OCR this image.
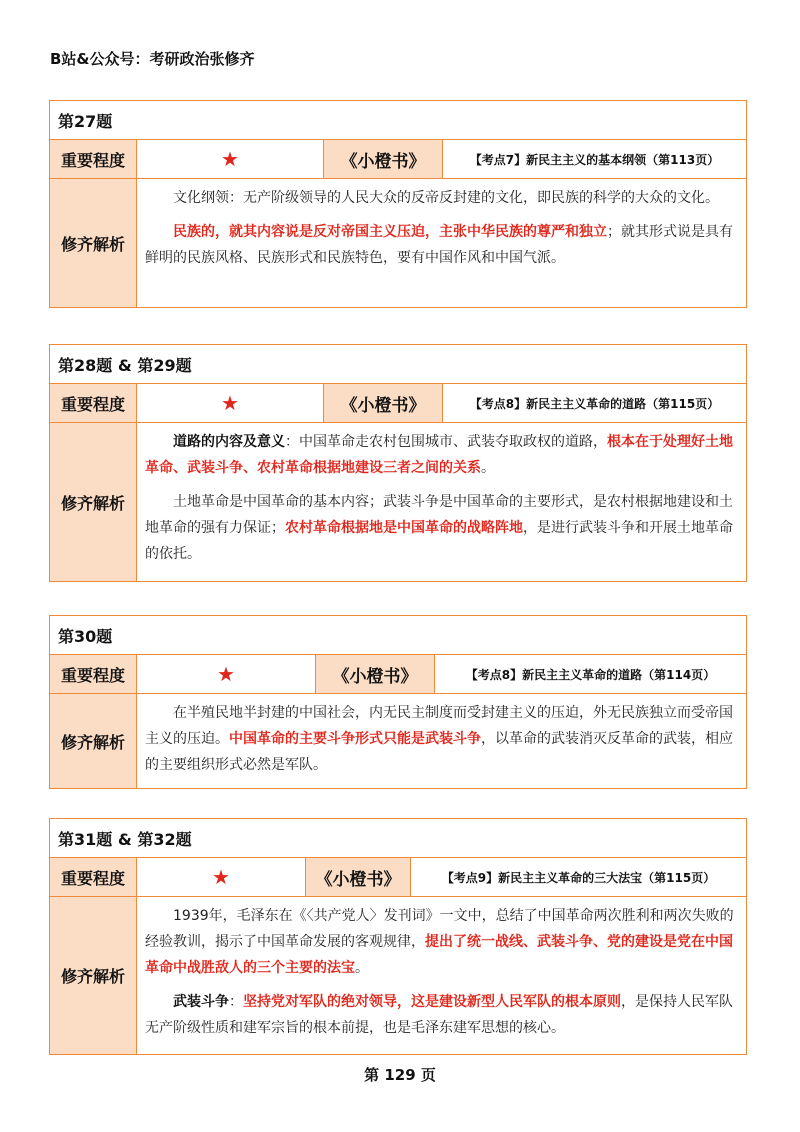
B站&公众号：考研政治张修齐
第27题
重要程度	★	《小橙书》	【考点7】新民主主义的基本纲领（第113页）
修齐解析

文化纲领：无产阶级领导的人民大众的反帝反封建的文化，即民族的科学的大众的文化。

民族的，就其内容说是反对帝国主义压迫，主张中华民族的尊严和独立；就其形式说是具有鲜明的民族风格、民族形式和民族特色，要有中国作风和中国气派。

第28题 & 第29题
重要程度	★	《小橙书》	【考点8】新民主主义革命的道路（第115页）
修齐解析

道路的内容及意义：中国革命走农村包围城市、武装夺取政权的道路，根本在于处理好土地革命、武装斗争、农村革命根据地建设三者之间的关系。

土地革命是中国革命的基本内容；武装斗争是中国革命的主要形式，是农村根据地建设和土地革命的强有力保证；农村革命根据地是中国革命的战略阵地，是进行武装斗争和开展土地革命的依托。

第30题
重要程度	★	《小橙书》	【考点8】新民主主义革命的道路（第114页）
修齐解析

在半殖民地半封建的中国社会，内无民主制度而受封建主义的压迫，外无民族独立而受帝国主义的压迫。中国革命的主要斗争形式只能是武装斗争，以革命的武装消灭反革命的武装，相应的主要组织形式必然是军队。

第31题 & 第32题
重要程度	★	《小橙书》	【考点9】新民主主义革命的三大法宝（第115页）
修齐解析

1939年，毛泽东在《〈共产党人〉发刊词》一文中，总结了中国革命两次胜利和两次失败的经验教训，揭示了中国革命发展的客观规律，提出了统一战线、武装斗争、党的建设是党在中国革命中战胜敌人的三个主要的法宝。

武装斗争：坚持党对军队的绝对领导，这是建设新型人民军队的根本原则，是保持人民军队无产阶级性质和建军宗旨的根本前提，也是毛泽东建军思想的核心。

第 129 页
